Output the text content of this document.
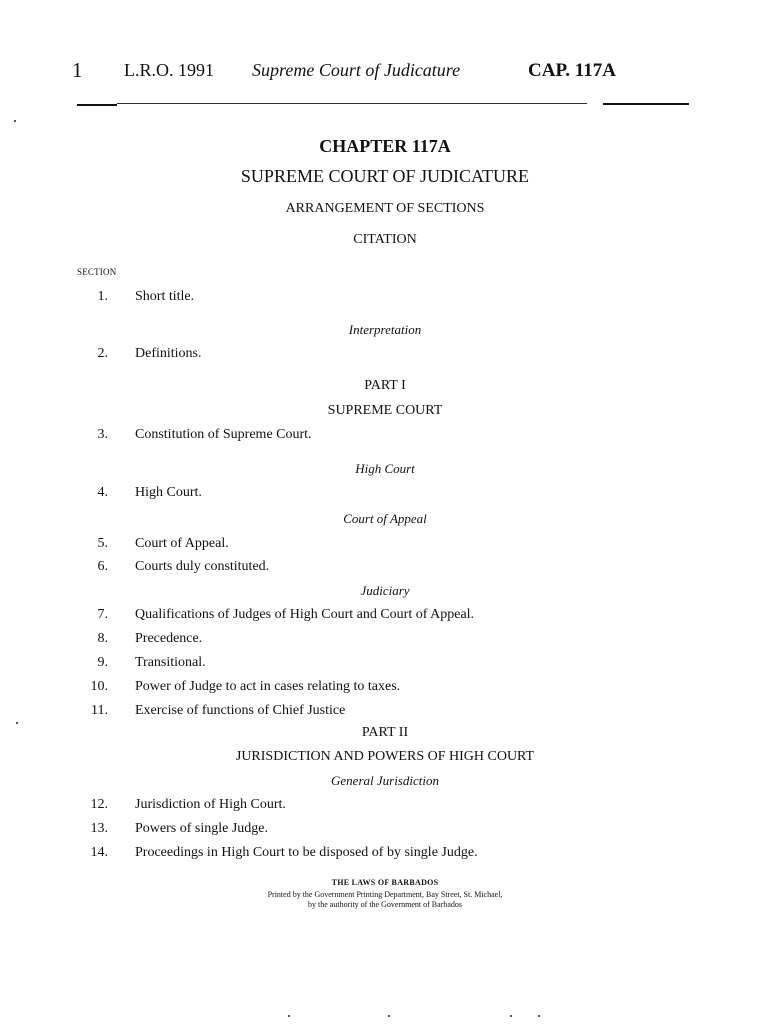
1 L.R.O. 1991 Supreme Court of Judicature	CAP. 117A
CHAPTER 117A
SUPREME COURT OF JUDICATURE
ARRANGEMENT OF SECTIONS
CITATION
SECTION
1. Short title.
Interpretation
2. Definitions.
PART I
SUPREME COURT
3. Constitution of Supreme Court.
High Court
4. High Court.
Court of Appeal
5. Court of Appeal.
6. Courts duly constituted.
Judiciary
7. Qualifications of Judges of High Court and Court of Appeal.
8. Precedence.
9. Transitional.
10. Power of Judge to act in cases relating to taxes.
11. Exercise of functions of Chief Justice
PART II
JURISDICTION AND POWERS OF HIGH COURT
General Jurisdiction
12. Jurisdiction of High Court.
13. Powers of single Judge.
14. Proceedings in High Court to be disposed of by single Judge.
THE LAWS OF BARBADOS
Printed by the Government Printing Department, Bay Street, St. Michael,
by the authority of the Government of Barbados
